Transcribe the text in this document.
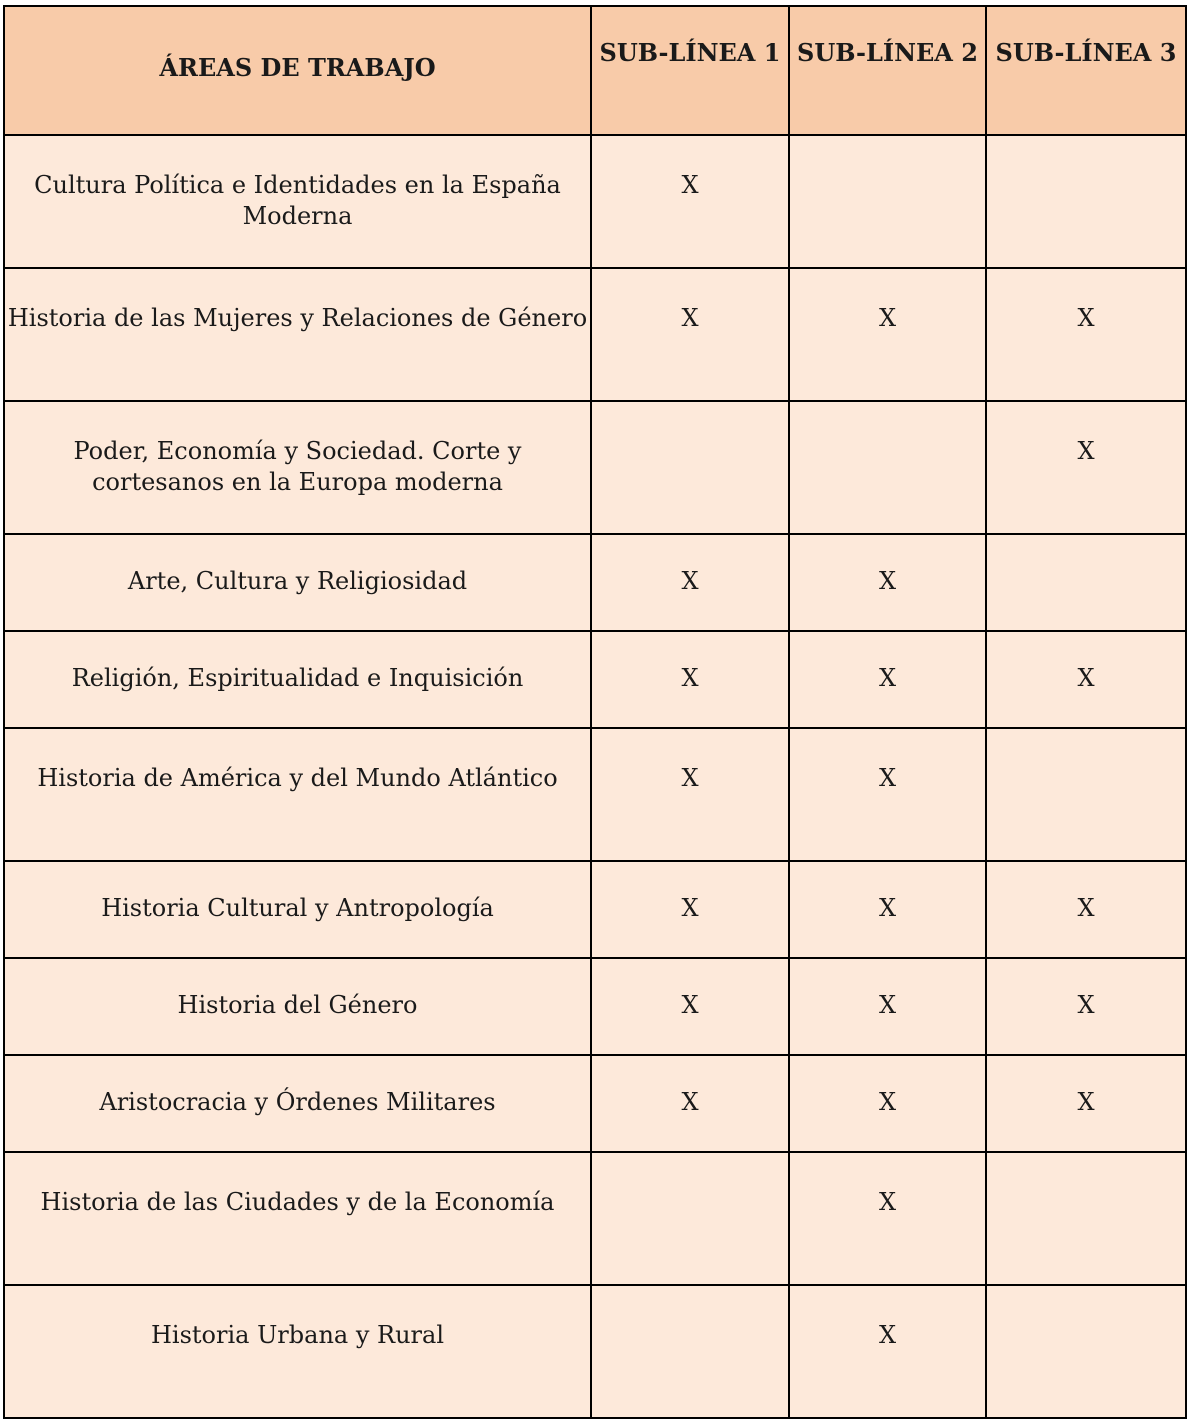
ÁREAS DE TRABAJO	SUB-LÍNEA 1	SUB-LÍNEA 2	SUB-LÍNEA 3
Cultura Política e Identidades en la España Moderna	X		
Historia de las Mujeres y Relaciones de Género	X	X	X
Poder, Economía y Sociedad. Corte y cortesanos en la Europa moderna			X
Arte, Cultura y Religiosidad	X	X	
Religión, Espiritualidad e Inquisición	X	X	X
Historia de América y del Mundo Atlántico	X	X	
Historia Cultural y Antropología	X	X	X
Historia del Género	X	X	X
Aristocracia y Órdenes Militares	X	X	X
Historia de las Ciudades y de la Economía		X	
Historia Urbana y Rural		X	
